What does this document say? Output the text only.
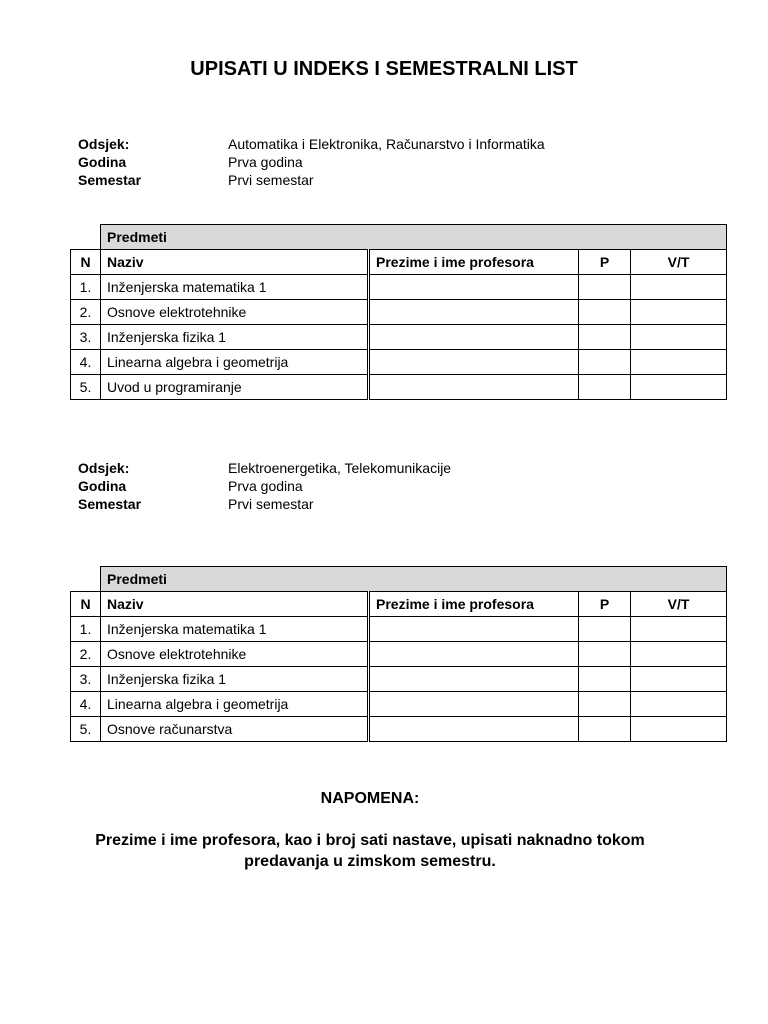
UPISATI U INDEKS I SEMESTRALNI LIST
Odsjek:	Automatika i Elektronika, Računarstvo i Informatika
Godina	Prva godina
Semestar	Prvi semestar
	Predmeti			
N	Naziv	Prezime i ime profesora	P	V/T
1.	Inženjerska matematika 1			
2.	Osnove elektrotehnike			
3.	Inženjerska fizika 1			
4.	Linearna algebra i geometrija			
5.	Uvod u programiranje			
Odsjek:	Elektroenergetika, Telekomunikacije
Godina	Prva godina
Semestar	Prvi semestar
	Predmeti			
N	Naziv	Prezime i ime profesora	P	V/T
1.	Inženjerska matematika 1			
2.	Osnove elektrotehnike			
3.	Inženjerska fizika 1			
4.	Linearna algebra i geometrija			
5.	Osnove računarstva			
NAPOMENA:
Prezime i ime profesora, kao i broj sati nastave, upisati naknadno tokom
predavanja u zimskom semestru.
